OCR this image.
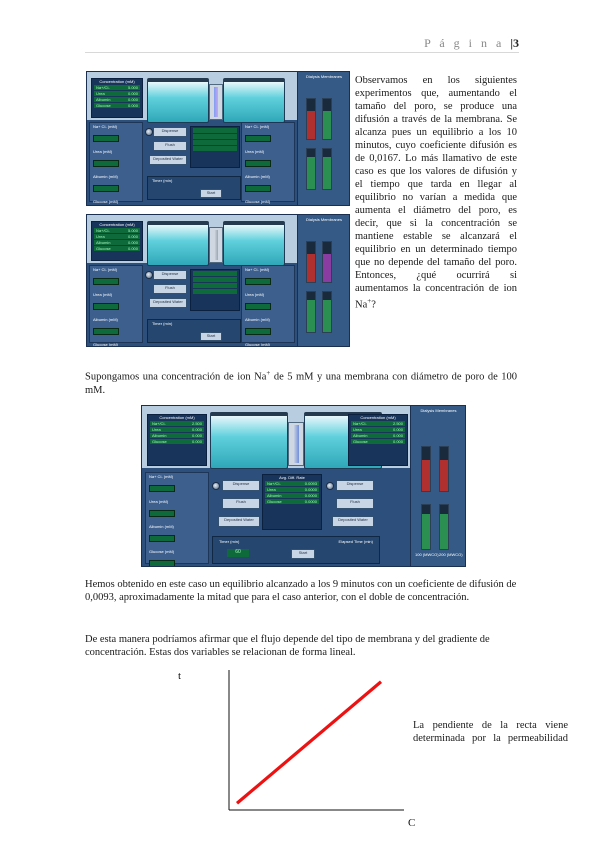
P á g i n a |3
Concentration (mM)
Na+/Cl-	5.000
Urea	0.000
Albumin	0.000
Glucose	0.000
Na+ Cl- (mM)
Urea (mM)
Albumin (mM)
Glucose (mM)
Dispense
Flush
Deposited Water

Na+ Cl- (mM)
Urea (mM)
Albumin (mM)
Glucose (mM)
Timer (min)
Start
Dialysis Membranes
Concentration (mM)
Na+/Cl-	5.000
Urea	0.000
Albumin	0.000
Glucose	0.000
Na+ Cl- (mM)
Urea (mM)
Albumin (mM)
Glucose (mM)
Dispense
Flush
Deposited Water

Na+ Cl- (mM)
Urea (mM)
Albumin (mM)
Glucose (mM)
Timer (min)
Start
Dialysis Membranes
Observamos en los siguientes experimentos que, aumentando el tamaño del poro, se produce una difusión a través de la membrana. Se alcanza pues un equilibrio a los 10 minutos, cuyo coeficiente difusión es de 0,0167. Lo más llamativo de este caso es que los valores de difusión y el tiempo que tarda en llegar al equilibrio no varían a medida que aumenta el diámetro del poro, es decir, que si la concentración se mantiene estable se alcanzará el equilibrio en un determinado tiempo que no depende del tamaño del poro. Entonces, ¿qué ocurrirá si aumentamos la concentración de ion Na+?
Supongamos una concentración de ion Na+ de 5 mM y una membrana con diámetro de poro de 100 mM.
Concentration (mM)
Na+/Cl-	2.500
Urea	0.000
Albumin	0.000
Glucose	0.000
Na+ Cl- (mM)
Urea (mM)
Albumin (mM)
Glucose (mM)
Dispense
Flush
Deposited Water
Avg. Diff. Rate
Na+/Cl-	0.0093
Urea	0.0000
Albumin	0.0000
Glucose	0.0000
Concentration (mM)
Na+/Cl-	2.500
Urea	0.000
Albumin	0.000
Glucose	0.000
Dispense
Flush
Deposited Water
Timer (min)	Elapsed Time (min)
60	Start
Dialysis Membranes
100 (MWCO) 200 (MWCO)
Hemos obtenido en este caso un equilibrio alcanzado a los 9 minutos con un coeficiente de difusión de 0,0093, aproximadamente la mitad que para el caso anterior, con el doble de concentración.
De esta manera podríamos afirmar que el flujo depende del tipo de membrana y del gradiente de concentración. Estas dos variables se relacionan de forma lineal.
t
C
La pendiente de la recta viene determinada por la permeabilidad
